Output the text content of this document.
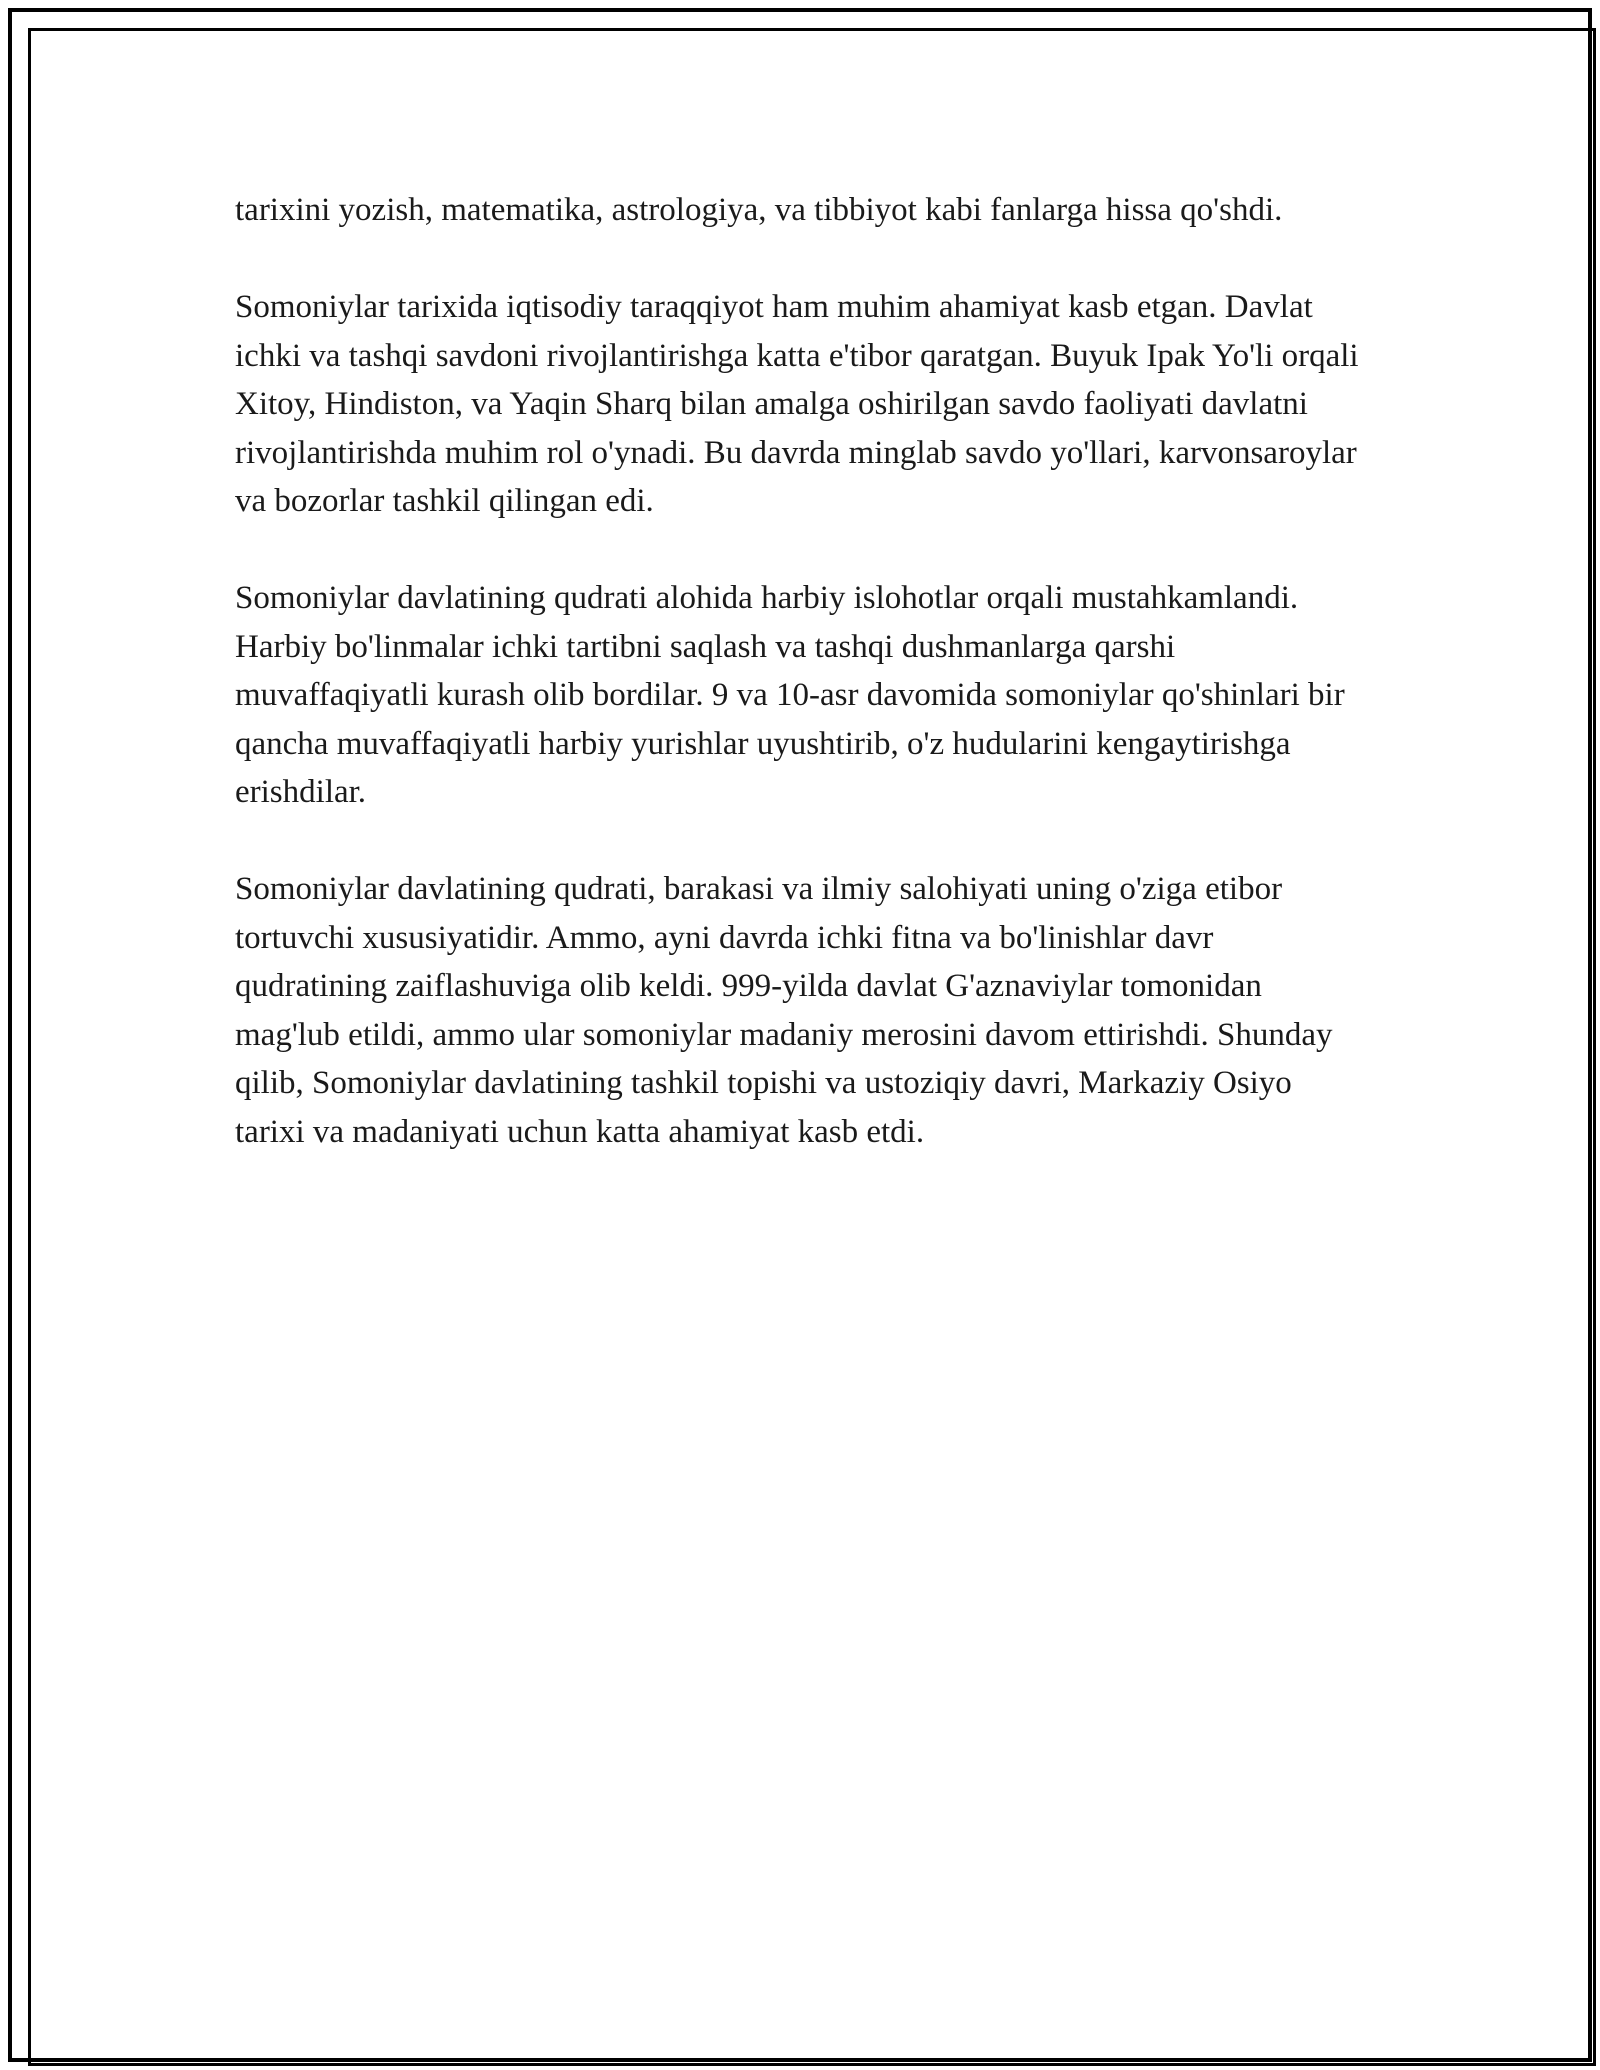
tarixini yozish, matematika, astrologiya, va tibbiyot kabi fanlarga hissa qo'shdi.

Somoniylar tarixida iqtisodiy taraqqiyot ham muhim ahamiyat kasb etgan. Davlat ichki va tashqi savdoni rivojlantirishga katta e'tibor qaratgan. Buyuk Ipak Yo'li orqali Xitoy, Hindiston, va Yaqin Sharq bilan amalga oshirilgan savdo faoliyati davlatni rivojlantirishda muhim rol o'ynadi. Bu davrda minglab savdo yo'llari, karvonsaroylar va bozorlar tashkil qilingan edi.

Somoniylar davlatining qudrati alohida harbiy islohotlar orqali mustahkamlandi. Harbiy bo'linmalar ichki tartibni saqlash va tashqi dushmanlarga qarshi muvaffaqiyatli kurash olib bordilar. 9 va 10-asr davomida somoniylar qo'shinlari bir qancha muvaffaqiyatli harbiy yurishlar uyushtirib, o'z hudularini kengaytirishga erishdilar.

Somoniylar davlatining qudrati, barakasi va ilmiy salohiyati uning o'ziga etibor tortuvchi xususiyatidir. Ammo, ayni davrda ichki fitna va bo'linishlar davr qudratining zaiflashuviga olib keldi. 999-yilda davlat G'aznaviylar tomonidan mag'lub etildi, ammo ular somoniylar madaniy merosini davom ettirishdi. Shunday qilib, Somoniylar davlatining tashkil topishi va ustoziqiy davri, Markaziy Osiyo tarixi va madaniyati uchun katta ahamiyat kasb etdi.
